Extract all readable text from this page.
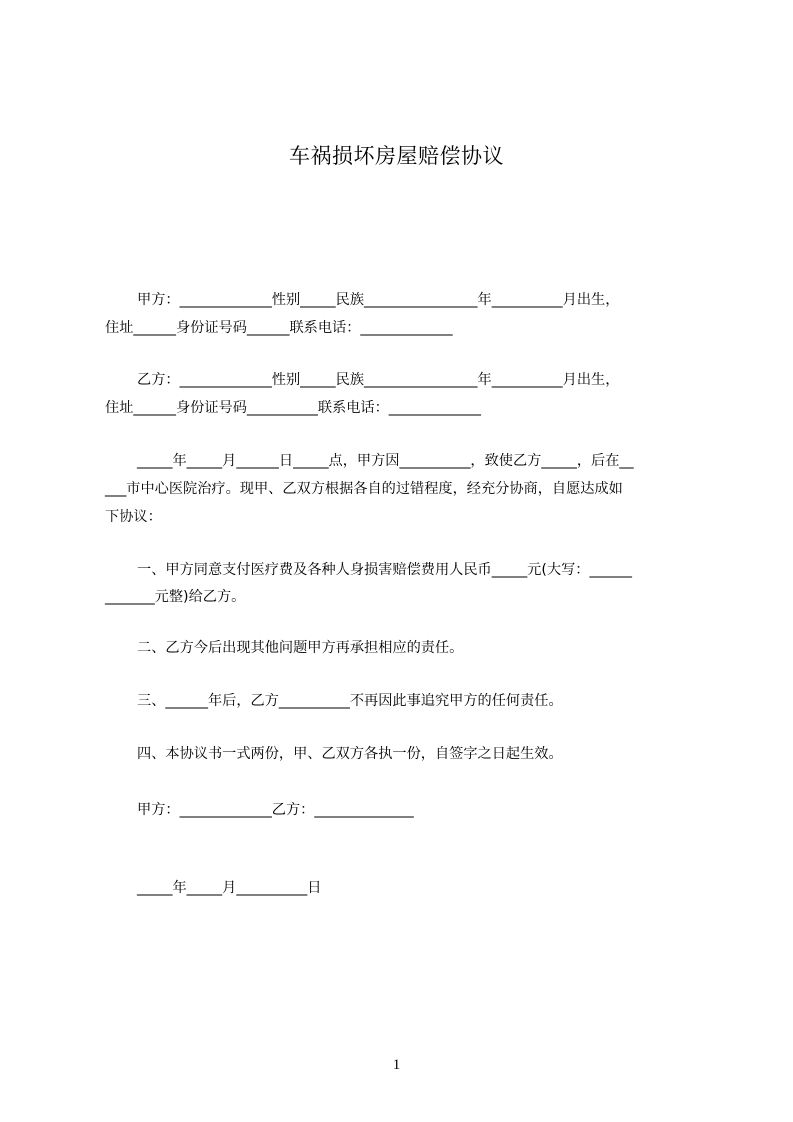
车祸损坏房屋赔偿协议
甲方：_____________性别_____民族________________年__________月出生，
住址______身份证号码______联系电话：_____________
乙方：_____________性别_____民族________________年__________月出生，
住址______身份证号码__________联系电话：_____________
_____年_____月______日_____点，甲方因__________，致使乙方_____，后在__
___市中心医院治疗。现甲、乙双方根据各自的过错程度，经充分协商，自愿达成如
下协议：
一、甲方同意支付医疗费及各种人身损害赔偿费用人民币_____元(大写：______
_______元整)给乙方。
二、乙方今后出现其他问题甲方再承担相应的责任。
三、______年后，乙方__________不再因此事追究甲方的任何责任。
四、本协议书一式两份，甲、乙双方各执一份，自签字之日起生效。
甲方：_____________乙方：______________
_____年_____月__________日
1
